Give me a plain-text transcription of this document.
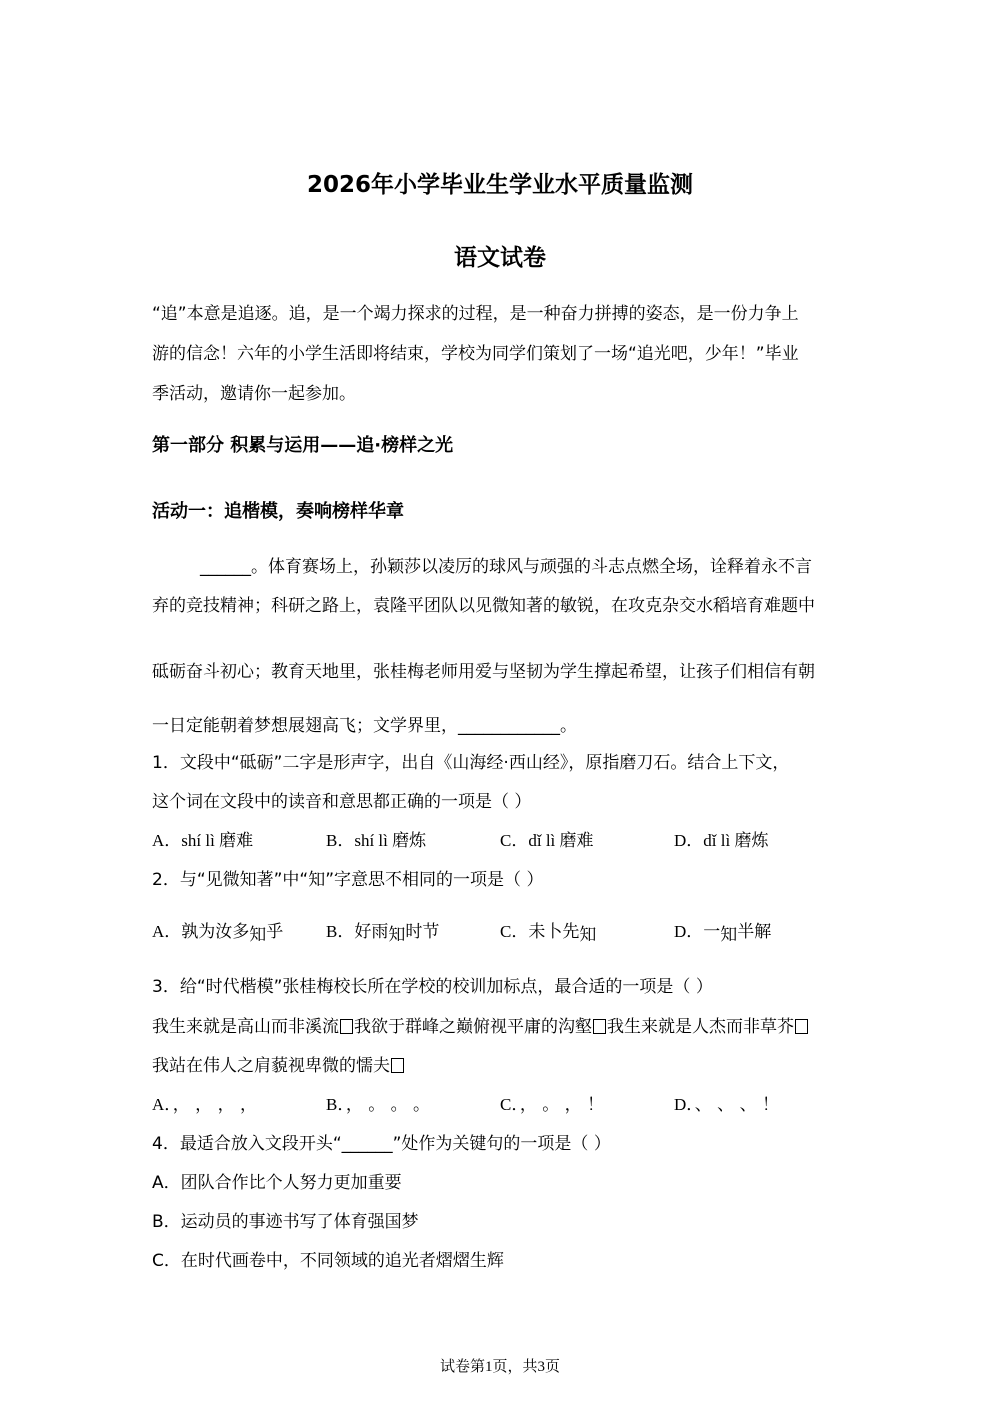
2026年小学毕业生学业水平质量监测
语文试卷
“追”本意是追逐。追，是一个竭力探求的过程，是一种奋力拼搏的姿态，是一份力争上
游的信念！六年的小学生活即将结束，学校为同学们策划了一场“追光吧，少年！”毕业
季活动，邀请你一起参加。
第一部分 积累与运用——追·榜样之光
活动一：追楷模，奏响榜样华章
______。体育赛场上，孙颖莎以凌厉的球风与顽强的斗志点燃全场，诠释着永不言
弃的竞技精神；科研之路上，袁隆平团队以见微知著的敏锐，在攻克杂交水稻培育难题中
砥砺奋斗初心；教育天地里，张桂梅老师用爱与坚韧为学生撑起希望，让孩子们相信有朝
一日定能朝着梦想展翅高飞；文学界里，____________。
1．文段中“砥砺”二字是形声字，出自《山海经·西山经》，原指磨刀石。结合上下文，
这个词在文段中的读音和意思都正确的一项是（ ）
A．shí lì 磨难	B．shí lì 磨炼	C．dǐ lì 磨难	D．dǐ lì 磨炼
2．与“见微知著”中“知”字意思不相同的一项是（ ）
A．孰为汝多知乎	B．好雨知时节	C．未卜先知	D．一知半解
3．给“时代楷模”张桂梅校长所在学校的校训加标点，最合适的一项是（ ）
我生来就是高山而非溪流 我欲于群峰之巅俯视平庸的沟壑 我生来就是人杰而非草芥
我站在伟人之肩藐视卑微的懦夫
A．， ， ， ，	B．， 。 。 。	C．， 。 ， ！	D．、 、 、 ！
4．最适合放入文段开头“______”处作为关键句的一项是（ ）
A．团队合作比个人努力更加重要
B．运动员的事迹书写了体育强国梦
C．在时代画卷中，不同领域的追光者熠熠生辉
试卷第1页，共3页
